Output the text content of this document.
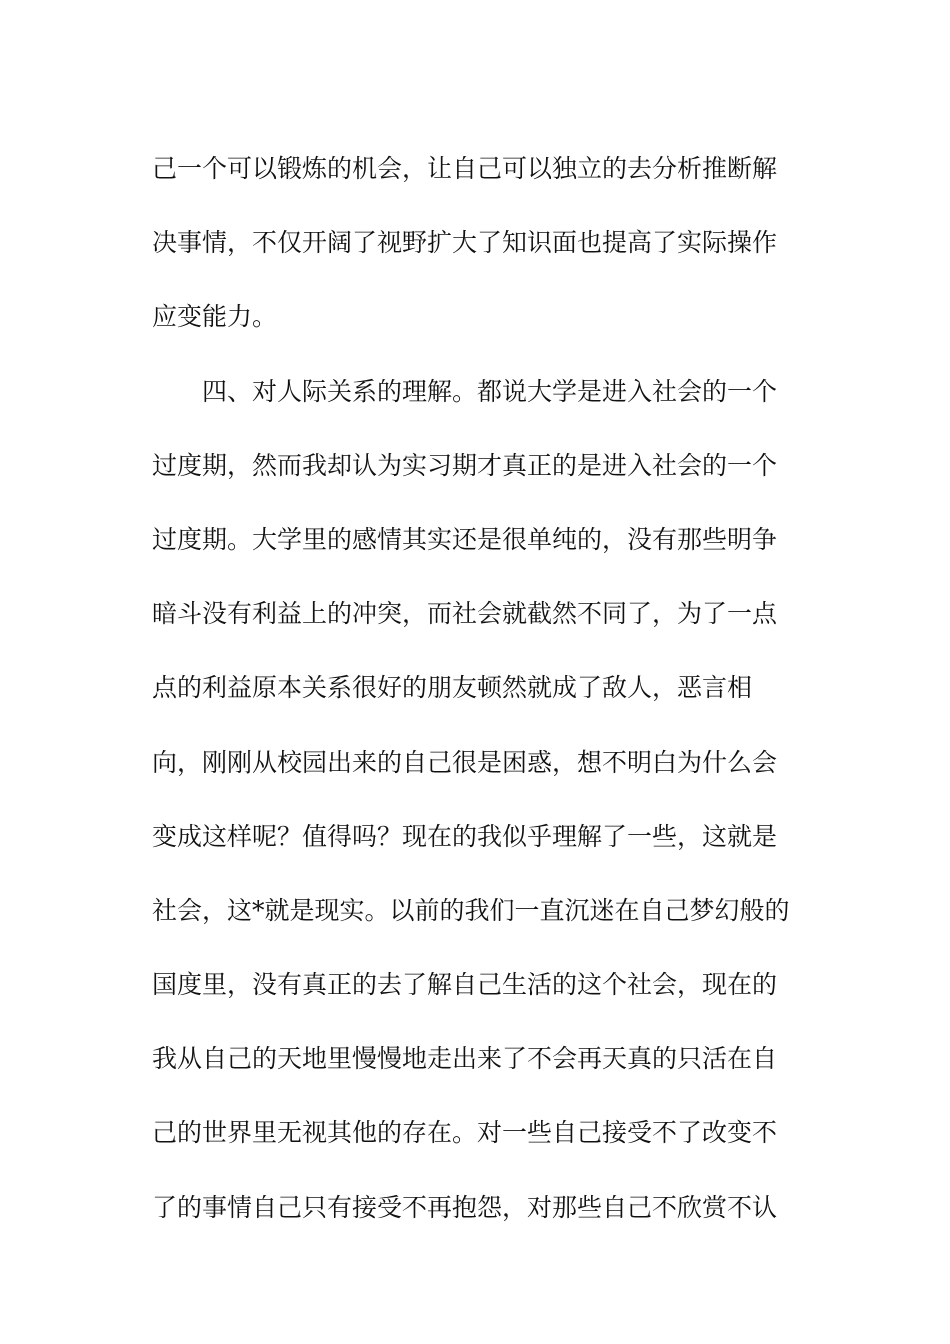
己一个可以锻炼的机会，让自己可以独立的去分析推断解
决事情，不仅开阔了视野扩大了知识面也提高了实际操作
应变能力。
四、对人际关系的理解。都说大学是进入社会的一个
过度期，然而我却认为实习期才真正的是进入社会的一个
过度期。大学里的感情其实还是很单纯的，没有那些明争
暗斗没有利益上的冲突，而社会就截然不同了，为了一点
点的利益原本关系很好的朋友顿然就成了敌人，恶言相
向，刚刚从校园出来的自己很是困惑，想不明白为什么会
变成这样呢？值得吗？现在的我似乎理解了一些，这就是
社会，这*就是现实。以前的我们一直沉迷在自己梦幻般的
国度里，没有真正的去了解自己生活的这个社会，现在的
我从自己的天地里慢慢地走出来了不会再天真的只活在自
己的世界里无视其他的存在。对一些自己接受不了改变不
了的事情自己只有接受不再抱怨，对那些自己不欣赏不认
